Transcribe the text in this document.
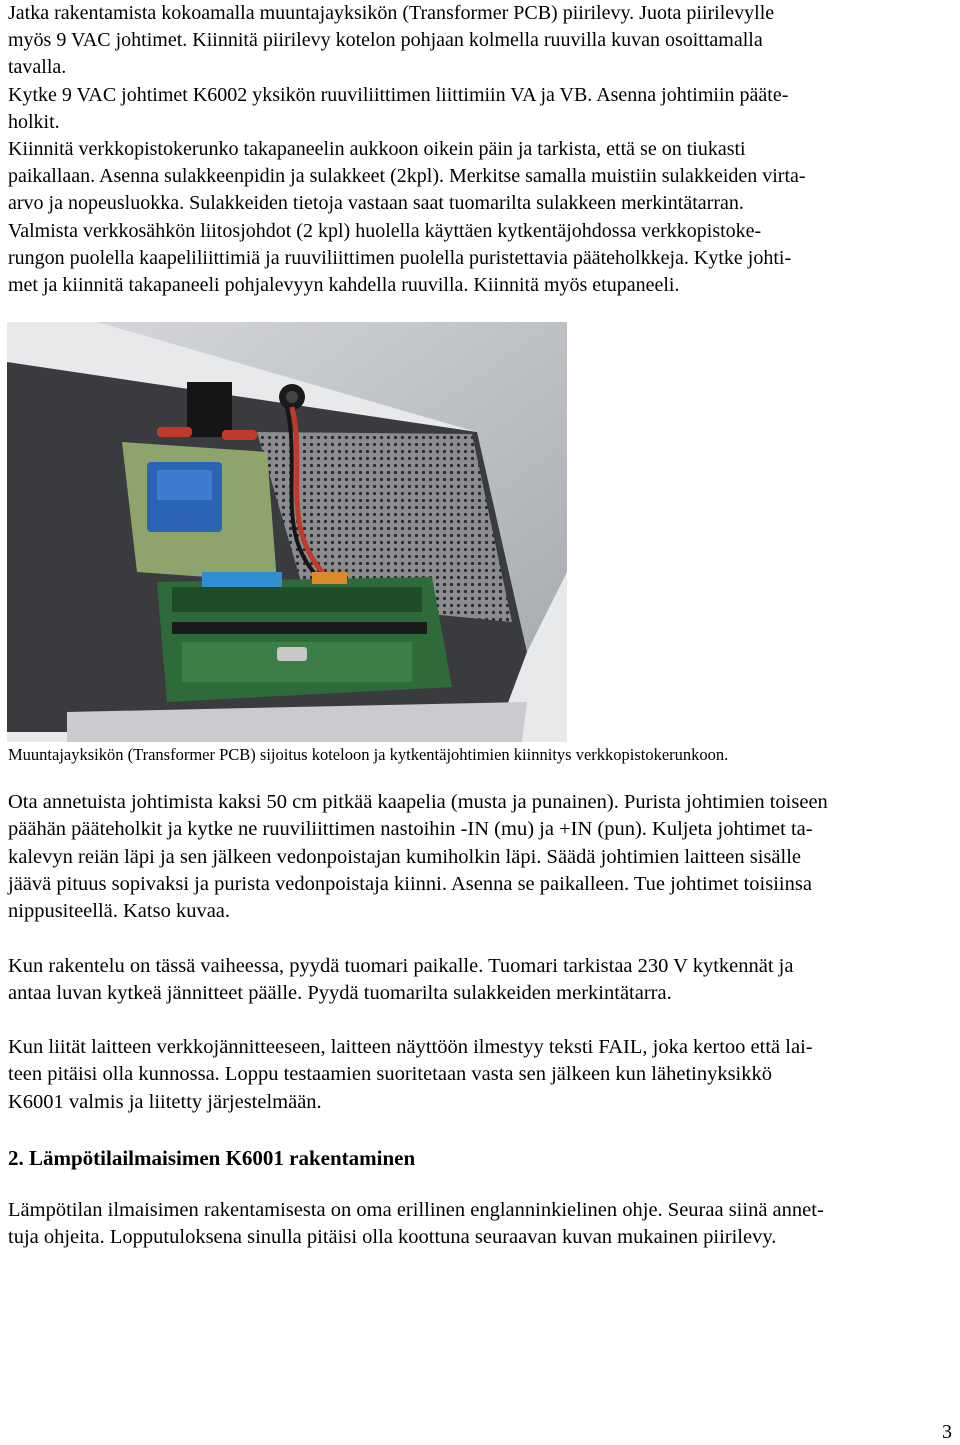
Jatka rakentamista kokoamalla muuntajayksikön (Transformer PCB) piirilevy. Juota piirilevylle
myös 9 VAC johtimet. Kiinnitä piirilevy kotelon pohjaan kolmella ruuvilla kuvan osoittamalla
tavalla.
Kytke 9 VAC johtimet K6002 yksikön ruuviliittimen liittimiin VA ja VB. Asenna johtimiin pääte-
holkit.
Kiinnitä verkkopistokerunko takapaneelin aukkoon oikein päin ja tarkista, että se on tiukasti
paikallaan. Asenna sulakkeenpidin ja sulakkeet (2kpl). Merkitse samalla muistiin sulakkeiden virta-
arvo ja nopeusluokka. Sulakkeiden tietoja vastaan saat tuomarilta sulakkeen merkintätarran.
Valmista verkkosähkön liitosjohdot (2 kpl) huolella käyttäen kytkentäjohdossa verkkopistoke-
rungon puolella kaapeliliittimiä ja ruuviliittimen puolella puristettavia pääteholkkeja. Kytke johti-
met ja kiinnitä takapaneeli pohjalevyyn kahdella ruuvilla. Kiinnitä myös etupaneeli.

Muuntajayksikön (Transformer PCB) sijoitus koteloon ja kytkentäjohtimien kiinnitys verkkopistokerunkoon.

Ota annetuista johtimista kaksi 50 cm pitkää kaapelia (musta ja punainen). Purista johtimien toiseen
päähän pääteholkit ja kytke ne ruuviliittimen nastoihin -IN (mu) ja +IN (pun). Kuljeta johtimet ta-
kalevyn reiän läpi ja sen jälkeen vedonpoistajan kumiholkin läpi. Säädä johtimien laitteen sisälle
jäävä pituus sopivaksi ja purista vedonpoistaja kiinni. Asenna se paikalleen. Tue johtimet toisiinsa
nippusiteellä. Katso kuvaa.

Kun rakentelu on tässä vaiheessa, pyydä tuomari paikalle. Tuomari tarkistaa 230 V kytkennät ja
antaa luvan kytkeä jännitteet päälle. Pyydä tuomarilta sulakkeiden merkintätarra.

Kun liität laitteen verkkojännitteeseen, laitteen näyttöön ilmestyy teksti FAIL, joka kertoo että lai-
teen pitäisi olla kunnossa. Loppu testaamien suoritetaan vasta sen jälkeen kun lähetinyksikkö
K6001 valmis ja liitetty järjestelmään.

2. Lämpötilailmaisimen K6001 rakentaminen

Lämpötilan ilmaisimen rakentamisesta on oma erillinen englanninkielinen ohje. Seuraa siinä annet-
tuja ohjeita. Lopputuloksena sinulla pitäisi olla koottuna seuraavan kuvan mukainen piirilevy.

3
